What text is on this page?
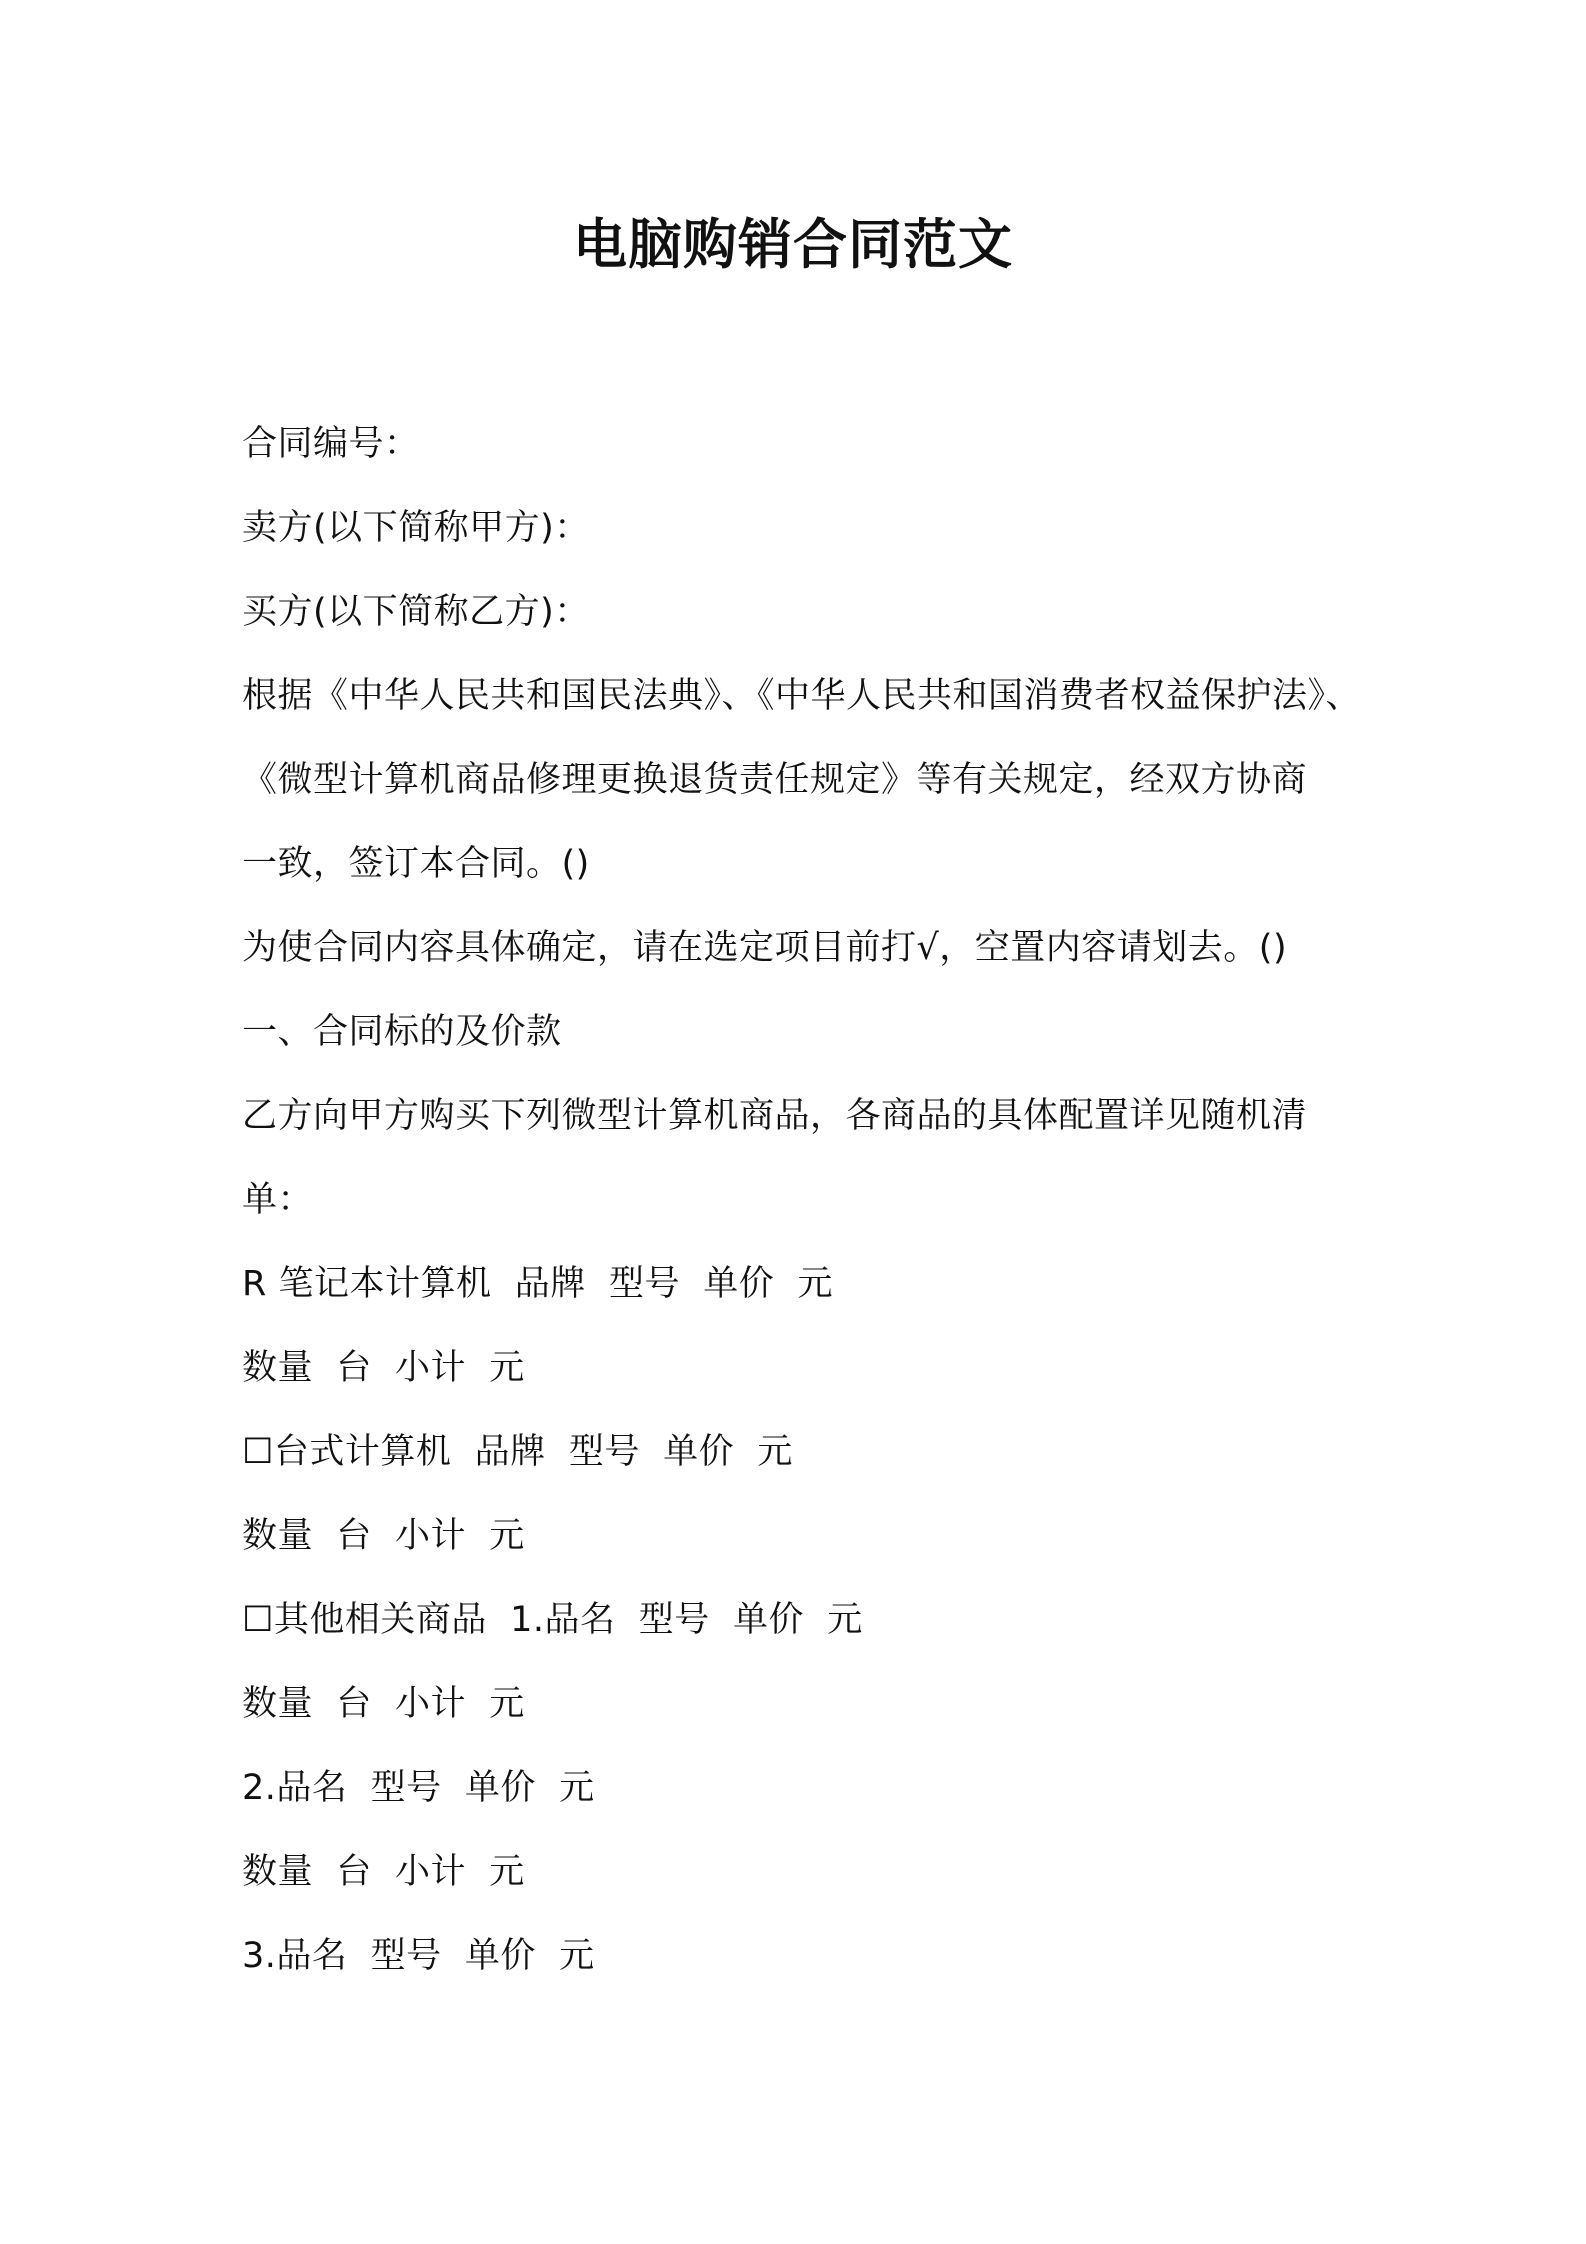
电脑购销合同范文
合同编号：
卖方(以下简称甲方)：
买方(以下简称乙方)：
根据《中华人民共和国民法典》、《中华人民共和国消费者权益保护法》、
《微型计算机商品修理更换退货责任规定》等有关规定，经双方协商
一致，签订本合同。()
为使合同内容具体确定，请在选定项目前打√，空置内容请划去。()
一、合同标的及价款
乙方向甲方购买下列微型计算机商品，各商品的具体配置详见随机清
单：
R 笔记本计算机  品牌  型号  单价  元
数量  台  小计  元
☐台式计算机  品牌  型号  单价  元
数量  台  小计  元
☐其他相关商品  1.品名  型号  单价  元
数量  台  小计  元
2.品名  型号  单价  元
数量  台  小计  元
3.品名  型号  单价  元
